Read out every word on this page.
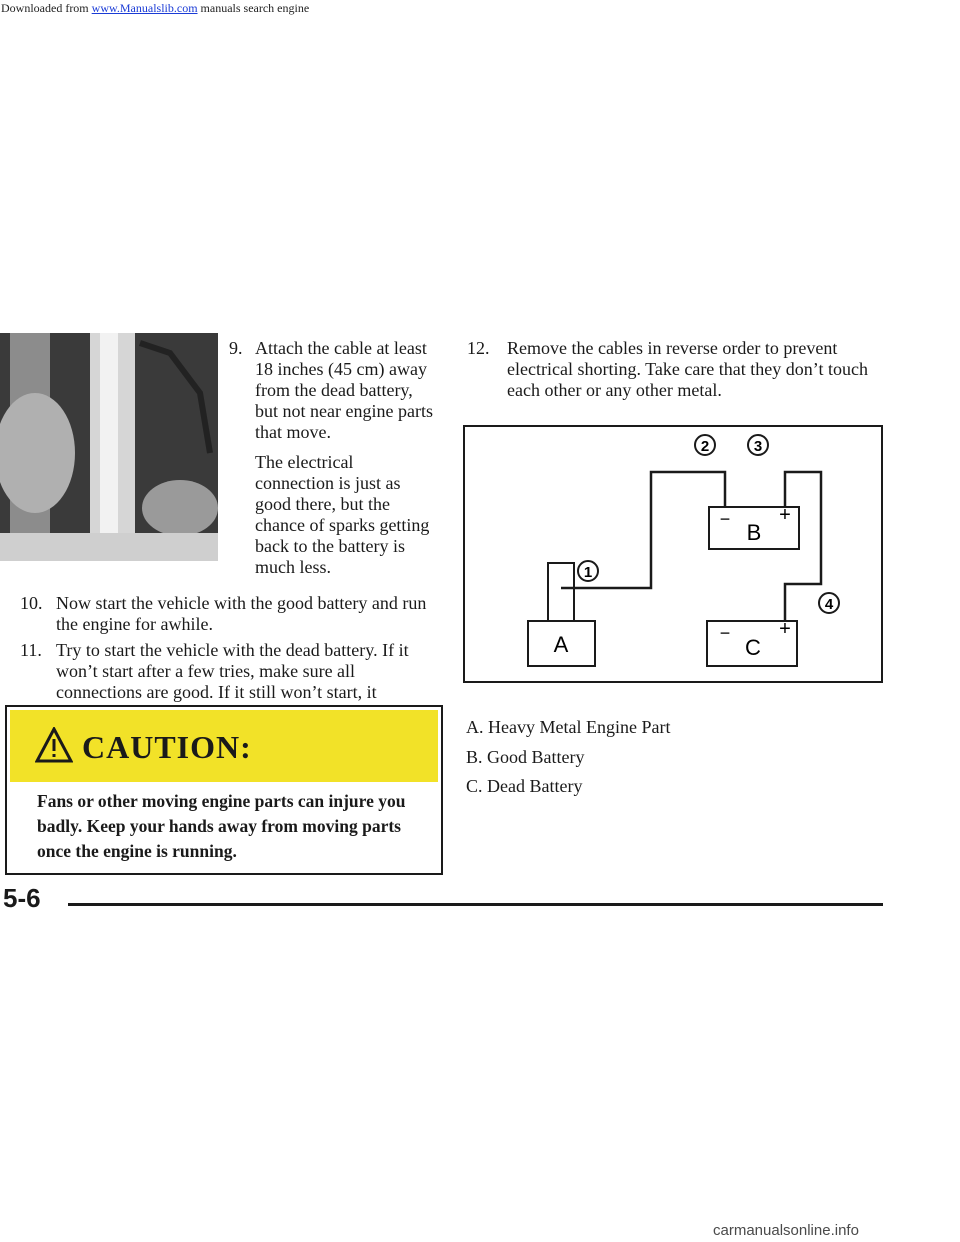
Downloaded from www.Manualslib.com manuals search engine
9. Attach the cable at least
18 inches (45 cm) away
from the dead battery,
but not near engine parts
that move.
The electrical
connection is just as
good there, but the
chance of sparks getting
back to the battery is
much less.
10. Now start the vehicle with the good battery and run
the engine for awhile.
11. Try to start the vehicle with the dead battery. If it
won’t start after a few tries, make sure all
connections are good. If it still won’t start, it
CAUTION:
Fans or other moving engine parts can injure you
badly. Keep your hands away from moving parts
once the engine is running.
12. Remove the cables in reverse order to prevent
electrical shorting. Take care that they don’t touch
each other or any other metal.
A
B
− +
C
− +
1
2	3
4
A. Heavy Metal Engine Part
B. Good Battery
C. Dead Battery
5-6
carmanualsonline.info
